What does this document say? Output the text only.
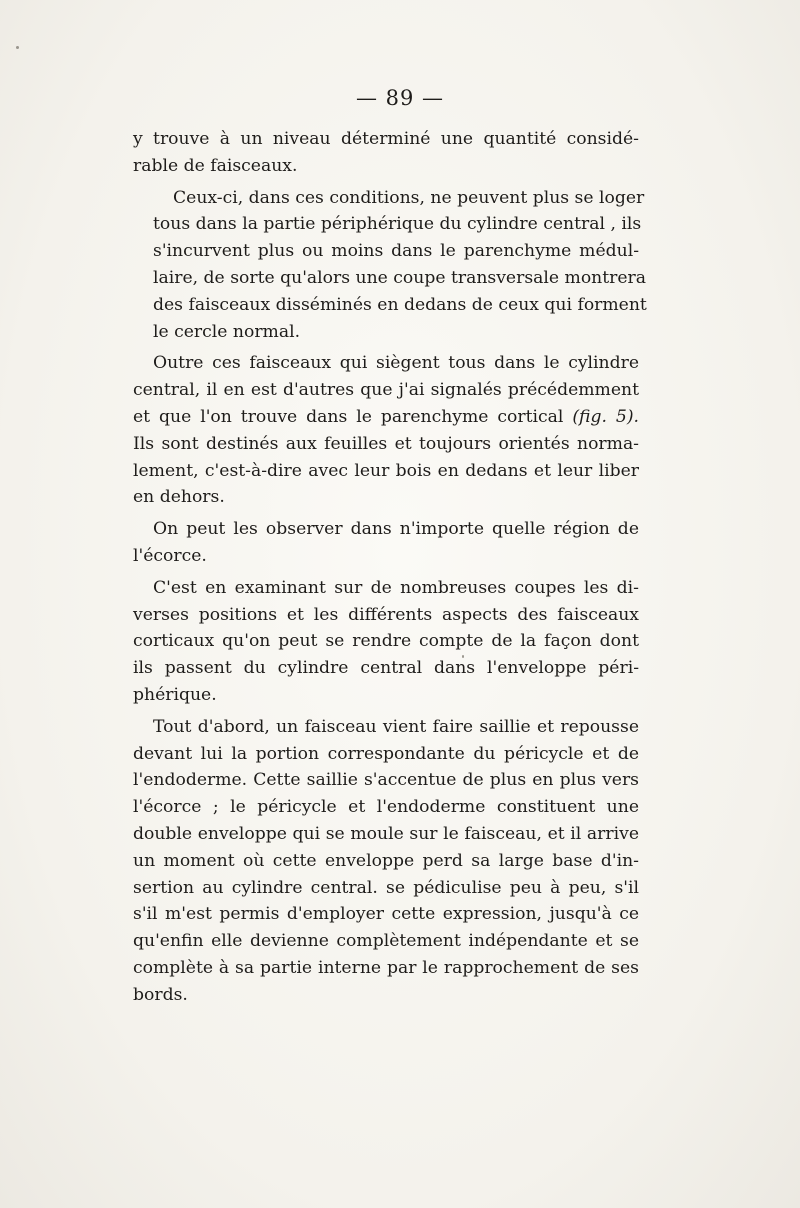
— 89 —

y trouve à un niveau déterminé une quantité considé-
rable de faisceaux.

Ceux-ci, dans ces conditions, ne peuvent plus se loger
tous dans la partie périphérique du cylindre central , ils
s'incurvent plus ou moins dans le parenchyme médul-
laire, de sorte qu'alors une coupe transversale montrera
des faisceaux disséminés en dedans de ceux qui forment
le cercle normal.

Outre ces faisceaux qui siègent tous dans le cylindre
central, il en est d'autres que j'ai signalés précédemment
et que l'on trouve dans le parenchyme cortical (fig. 5).
Ils sont destinés aux feuilles et toujours orientés norma-
lement, c'est-à-dire avec leur bois en dedans et leur liber
en dehors.

On peut les observer dans n'importe quelle région de
l'écorce.

C'est en examinant sur de nombreuses coupes les di-
verses positions et les différents aspects des faisceaux
corticaux qu'on peut se rendre compte de la façon dont
ils passent du cylindre central dans l'enveloppe péri-
phérique.

Tout d'abord, un faisceau vient faire saillie et repousse
devant lui la portion correspondante du péricycle et de
l'endoderme. Cette saillie s'accentue de plus en plus vers
l'écorce ; le péricycle et l'endoderme constituent une
double enveloppe qui se moule sur le faisceau, et il arrive
un moment où cette enveloppe perd sa large base d'in-
sertion au cylindre central. se pédiculise peu à peu, s'il
s'il m'est permis d'employer cette expression, jusqu'à ce
qu'enfin elle devienne complètement indépendante et se
complète à sa partie interne par le rapprochement de ses
bords.
